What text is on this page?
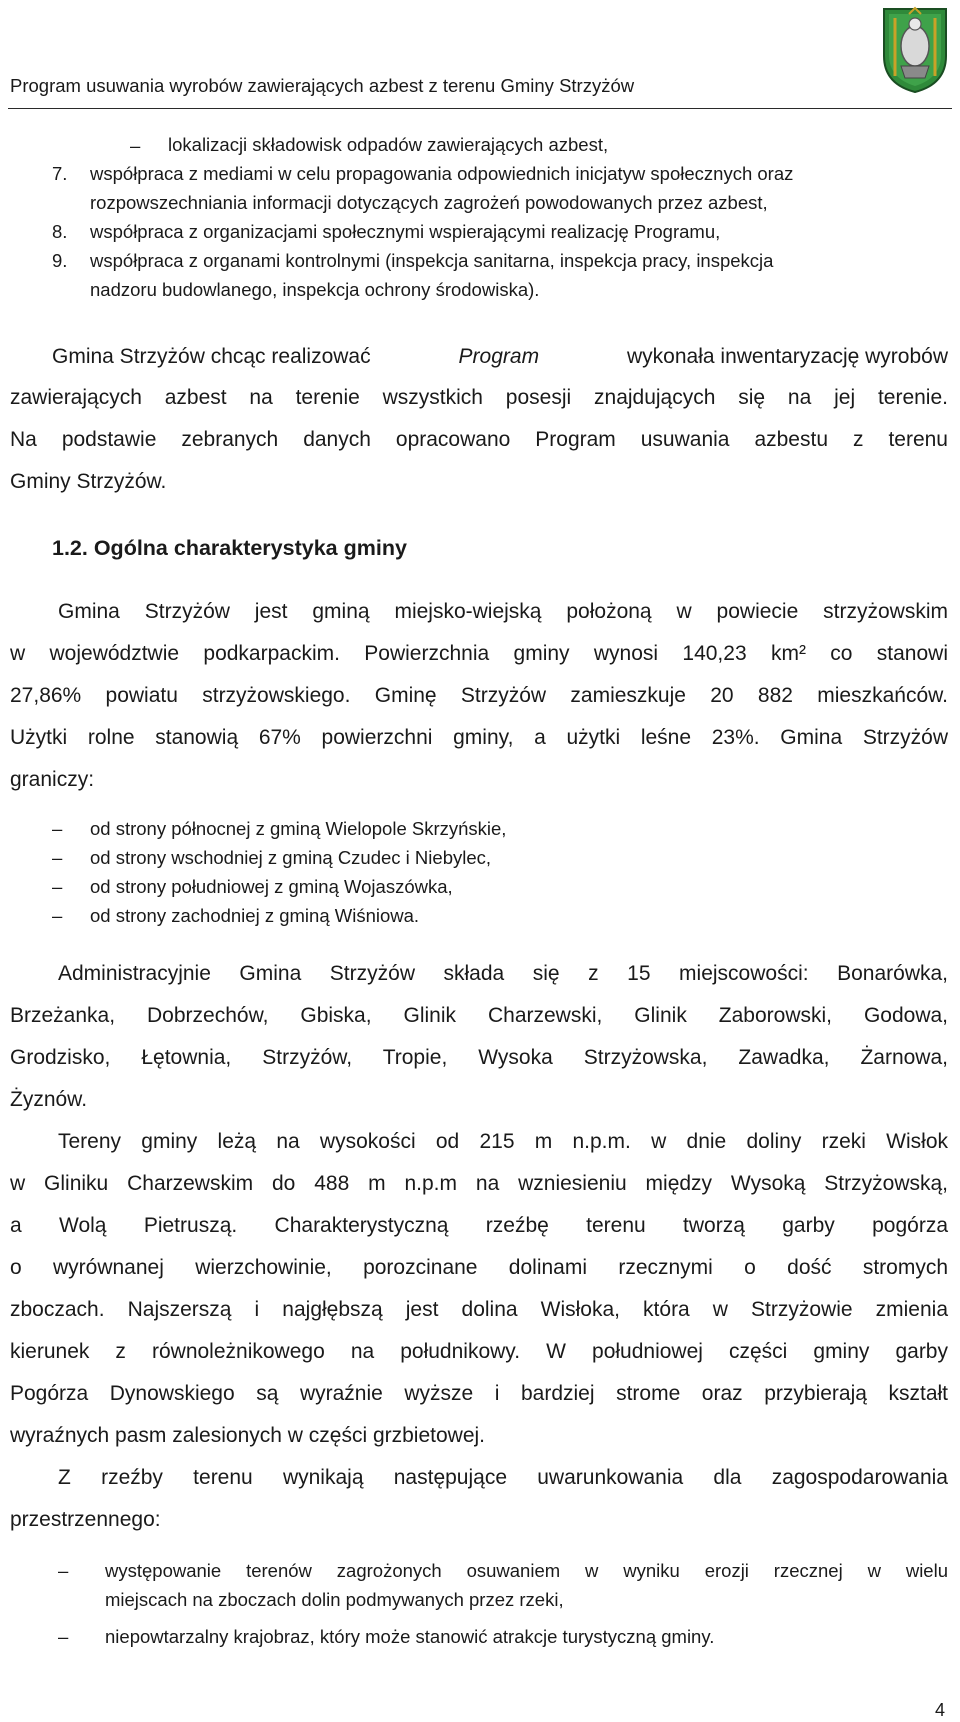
Program usuwania wyrobów zawierających azbest z terenu Gminy Strzyżów
– lokalizacji składowisk odpadów zawierających azbest,
7. współpraca z mediami w celu propagowania odpowiednich inicjatyw społecznych oraz
rozpowszechniania informacji dotyczących zagrożeń powodowanych przez azbest,
8. współpraca z organizacjami społecznymi wspierającymi realizację Programu,
9. współpraca z organami kontrolnymi (inspekcja sanitarna, inspekcja pracy, inspekcja
nadzoru budowlanego, inspekcja ochrony środowiska).
Gmina Strzyżów chcąc realizować	Program	wykonała inwentaryzację wyrobów
zawierających azbest na terenie wszystkich posesji znajdujących się na jej terenie.
Na podstawie zebranych danych opracowano Program usuwania azbestu z terenu
Gminy Strzyżów.
1.2. Ogólna charakterystyka gminy
Gmina Strzyżów jest gminą miejsko-wiejską położoną w powiecie strzyżowskim
w województwie podkarpackim. Powierzchnia gminy wynosi 140,23 km² co stanowi
27,86% powiatu strzyżowskiego. Gminę Strzyżów zamieszkuje 20 882 mieszkańców.
Użytki rolne stanowią 67% powierzchni gminy, a użytki leśne 23%. Gmina Strzyżów
graniczy:
– od strony północnej z gminą Wielopole Skrzyńskie,
– od strony wschodniej z gminą Czudec i Niebylec,
– od strony południowej z gminą Wojaszówka,
– od strony zachodniej z gminą Wiśniowa.
Administracyjnie Gmina Strzyżów składa się z 15 miejscowości: Bonarówka,
Brzeżanka, Dobrzechów, Gbiska, Glinik Charzewski, Glinik Zaborowski, Godowa,
Grodzisko, Łętownia, Strzyżów, Tropie, Wysoka Strzyżowska, Zawadka, Żarnowa,
Żyznów.
Tereny gminy leżą na wysokości od 215 m n.p.m. w dnie doliny rzeki Wisłok
w Gliniku Charzewskim do 488 m n.p.m na wzniesieniu między Wysoką Strzyżowską,
a Wolą Pietruszą. Charakterystyczną rzeźbę terenu tworzą garby pogórza
o wyrównanej wierzchowinie, porozcinane dolinami rzecznymi o dość stromych
zboczach. Najszerszą i najgłębszą jest dolina Wisłoka, która w Strzyżowie zmienia
kierunek z równoleżnikowego na południkowy. W południowej części gminy garby
Pogórza Dynowskiego są wyraźnie wyższe i bardziej strome oraz przybierają kształt
wyraźnych pasm zalesionych w części grzbietowej.
Z rzeźby terenu wynikają następujące uwarunkowania dla zagospodarowania
przestrzennego:
– występowanie terenów zagrożonych osuwaniem w wyniku erozji rzecznej w wielu
miejscach na zboczach dolin podmywanych przez rzeki,
– niepowtarzalny krajobraz, który może stanowić atrakcje turystyczną gminy.
4
